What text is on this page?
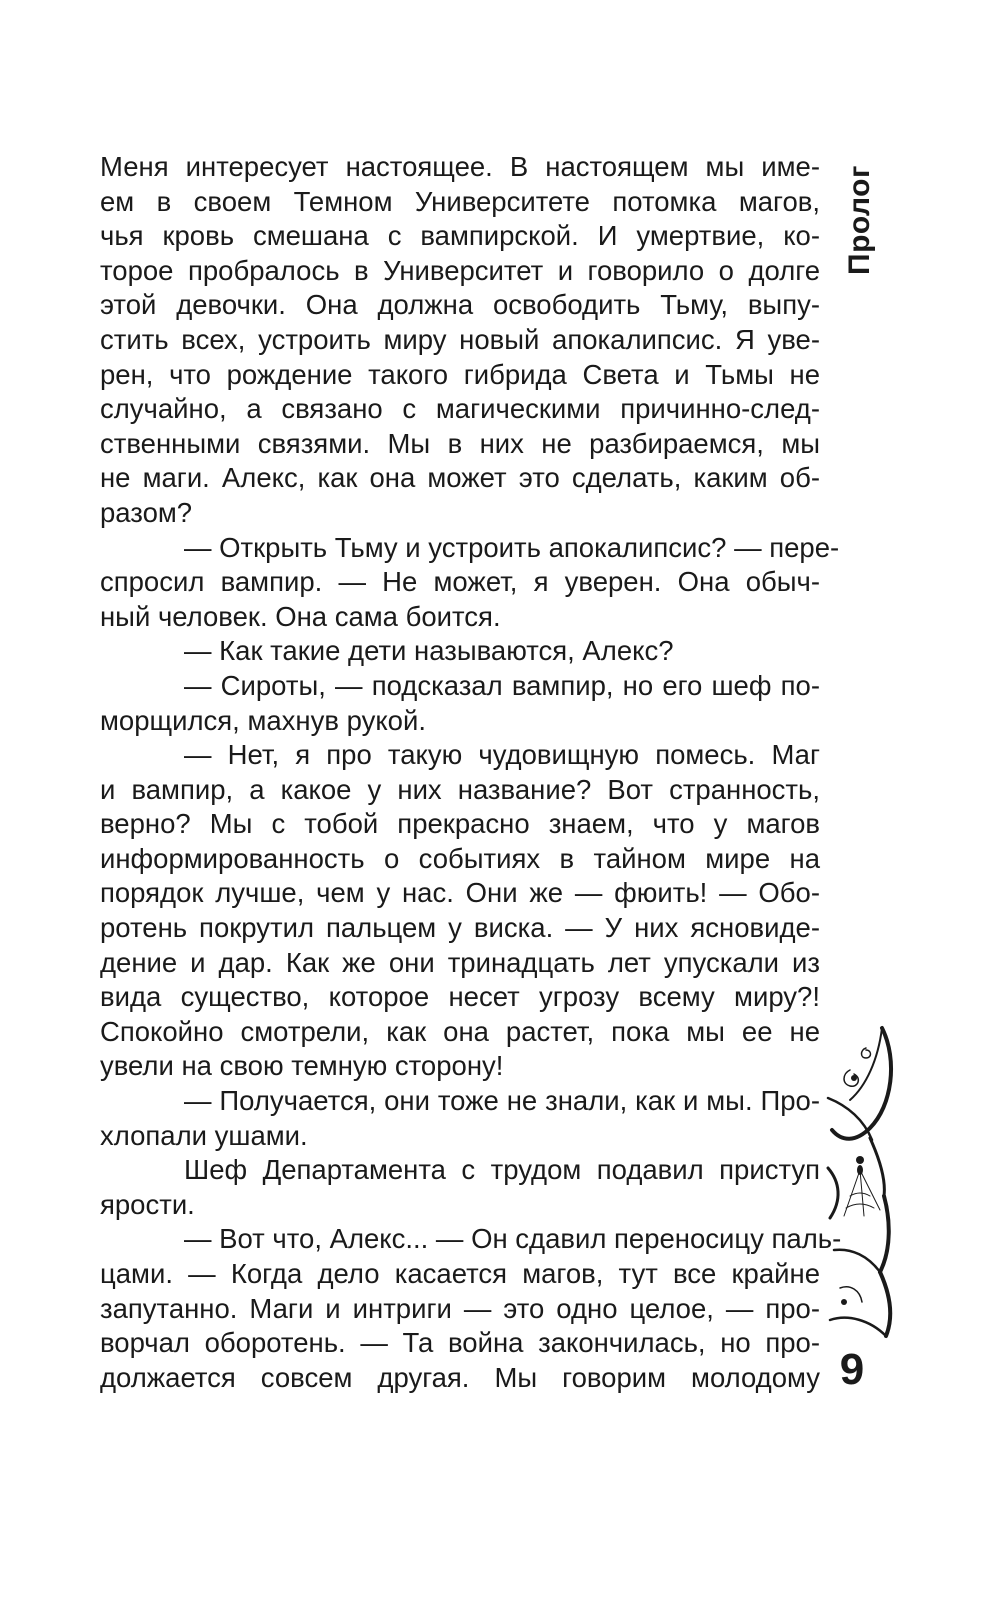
Пролог
Меня интересует настоящее. В настоящем мы име-
ем в своем Темном Университете потомка магов,
чья кровь смешана с вампирской. И умертвие, ко-
торое пробралось в Университет и говорило о долге
этой девочки. Она должна освободить Тьму, выпу-
стить всех, устроить миру новый апокалипсис. Я уве-
рен, что рождение такого гибрида Света и Тьмы не
случайно, а связано с магическими причинно-след-
ственными связями. Мы в них не разбираемся, мы
не маги. Алекс, как она может это сделать, каким об-
разом?
— Открыть Тьму и устроить апокалипсис? — пере-
спросил вампир. — Не может, я уверен. Она обыч-
ный человек. Она сама боится.
— Как такие дети называются, Алекс?
— Сироты, — подсказал вампир, но его шеф по-
морщился, махнув рукой.
— Нет, я про такую чудовищную помесь. Маг
и вампир, а какое у них название? Вот странность,
верно? Мы с тобой прекрасно знаем, что у магов
информированность о событиях в тайном мире на
порядок лучше, чем у нас. Они же — фюить! — Обо-
ротень покрутил пальцем у виска. — У них ясновиде-
дение и дар. Как же они тринадцать лет упускали из
вида существо, которое несет угрозу всему миру?!
Спокойно смотрели, как она растет, пока мы ее не
увели на свою темную сторону!
— Получается, они тоже не знали, как и мы. Про-
хлопали ушами.
Шеф Департамента с трудом подавил приступ
ярости.
— Вот что, Алекс... — Он сдавил переносицу паль-
цами. — Когда дело касается магов, тут все крайне
запутанно. Маги и интриги — это одно целое, — про-
ворчал оборотень. — Та война закончилась, но про-
должается совсем другая. Мы говорим молодому 9
